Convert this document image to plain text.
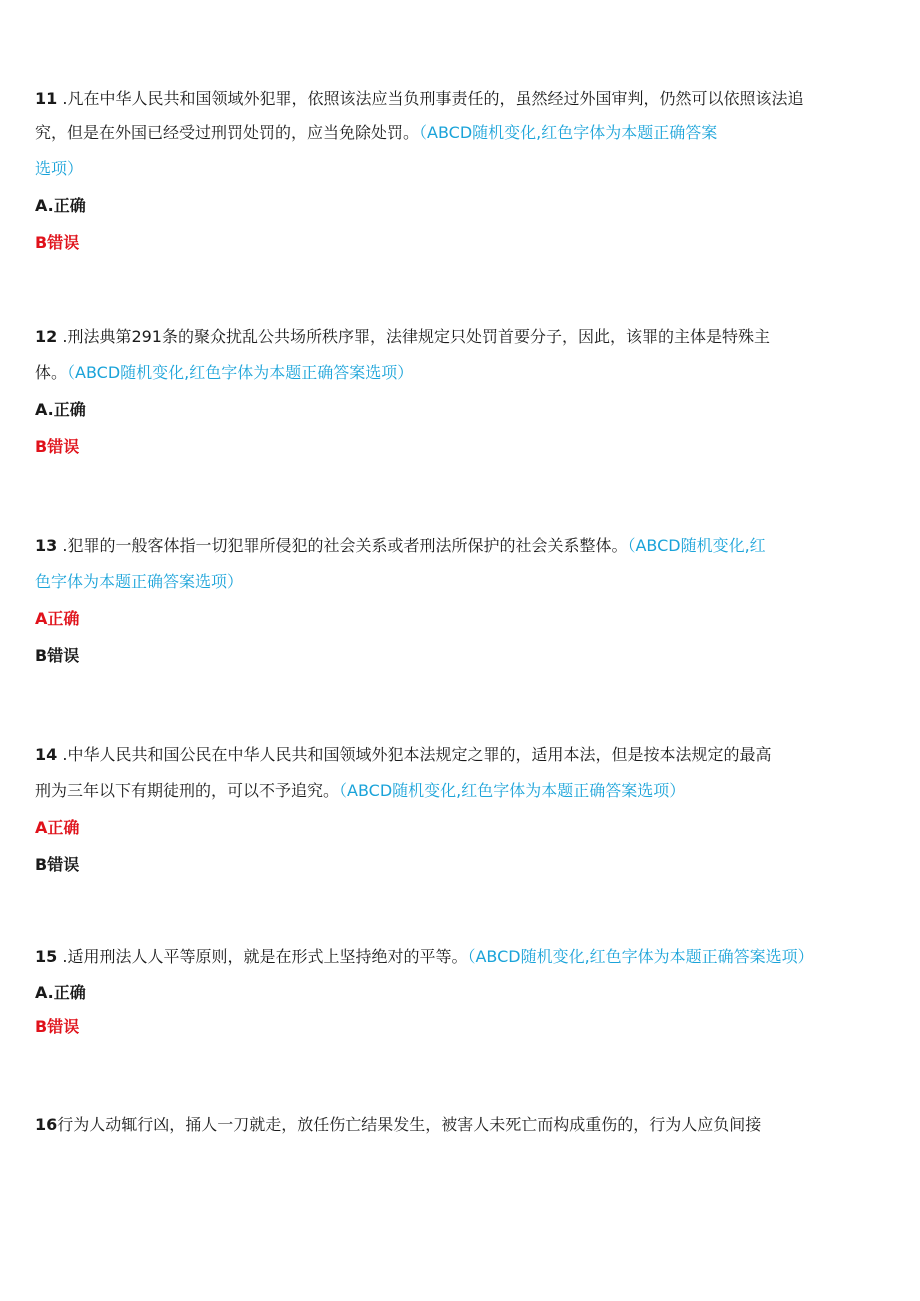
11 .凡在中华人民共和国领域外犯罪，依照该法应当负刑事责任的，虽然经过外国审判，仍然可以依照该法追
究，但是在外国已经受过刑罚处罚的，应当免除处罚。（ABCD随机变化,红色字体为本题正确答案
选项）
A.正确
B错误
12 .刑法典第291条的聚众扰乱公共场所秩序罪，法律规定只处罚首要分子，因此，该罪的主体是特殊主
体。（ABCD随机变化,红色字体为本题正确答案选项）
A.正确
B错误
13 .犯罪的一般客体指一切犯罪所侵犯的社会关系或者刑法所保护的社会关系整体。（ABCD随机变化,红
色字体为本题正确答案选项）
A正确
B错误
14 .中华人民共和国公民在中华人民共和国领域外犯本法规定之罪的，适用本法，但是按本法规定的最高
刑为三年以下有期徒刑的，可以不予追究。（ABCD随机变化,红色字体为本题正确答案选项）
A正确
B错误
15 .适用刑法人人平等原则，就是在形式上坚持绝对的平等。（ABCD随机变化,红色字体为本题正确答案选项）
A.正确
B错误
16行为人动辄行凶，捅人一刀就走，放任伤亡结果发生，被害人未死亡而构成重伤的，行为人应负间接
